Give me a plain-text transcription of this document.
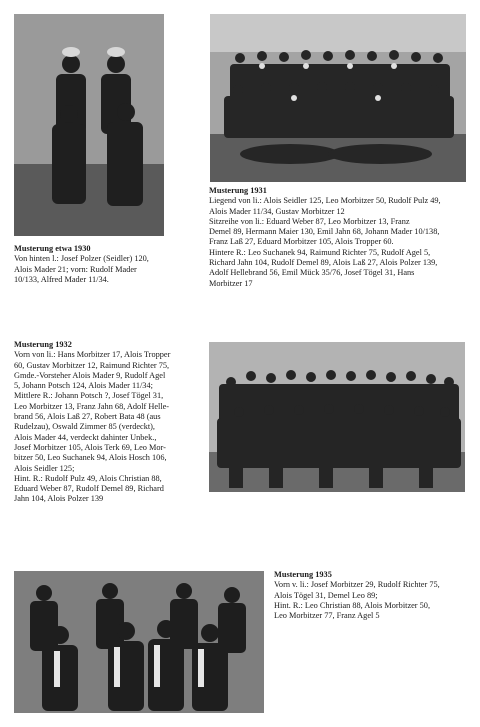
Musterung etwa 1930

Von hinten l.: Josef Polzer (Seidler) 120,

Alois Mader 21; vorn: Rudolf Mader

10/133, Alfred Mader 11/34.

Musterung 1931

Liegend von li.: Alois Seidler 125, Leo Morbitzer 50, Rudolf Pulz 49,

Alois Mader 11/34, Gustav Morbitzer 12

Sitzreihe von li.: Eduard Weber 87, Leo Morbitzer 13, Franz

Demel 89, Hermann Maier 130, Emil Jahn 68, Johann Mader 10/138,

Franz Laß 27, Eduard Morbitzer 105, Alois Tropper 60.

Hintere R.: Leo Suchanek 94, Raimund Richter 75, Rudolf Agel 5,

Richard Jahn 104, Rudolf Demel 89, Alois Laß 27, Alois Polzer 139,

Adolf Hellebrand 56, Emil Mück 35/76, Josef Tögel 31, Hans

Morbitzer 17

Musterung 1932

Vorn von li.: Hans Morbitzer 17, Alois Tropper

60, Gustav Morbitzer 12, Raimund Richter 75,

Gmde.-Vorsteher Alois Mader 9, Rudolf Agel

5, Johann Potsch 124, Alois Mader 11/34;

Mittlere R.: Johann Potsch ?, Josef Tögel 31,

Leo Morbitzer 13, Franz Jahn 68, Adolf Helle-

brand 56, Alois Laß 27, Robert Bata 48 (aus

Rudelzau), Oswald Zimmer 85 (verdeckt),

Alois Mader 44, verdeckt dahinter Unbek.,

Josef Morbitzer 105, Alois Terk 69, Leo Mor-

bitzer 50, Leo Suchanek 94, Alois Hosch 106,

Alois Seidler 125;

Hint. R.: Rudolf Pulz 49, Alois Christian 88,

Eduard Weber 87, Rudolf Demel 89, Richard

Jahn 104, Alois Polzer 139

Musterung 1935

Vorn v. li.: Josef Morbitzer 29, Rudolf Richter 75,

Alois Tögel 31, Demel Leo 89;

Hint. R.: Leo Christian 88, Alois Morbitzer 50,

Leo Morbitzer 77, Franz Agel 5
